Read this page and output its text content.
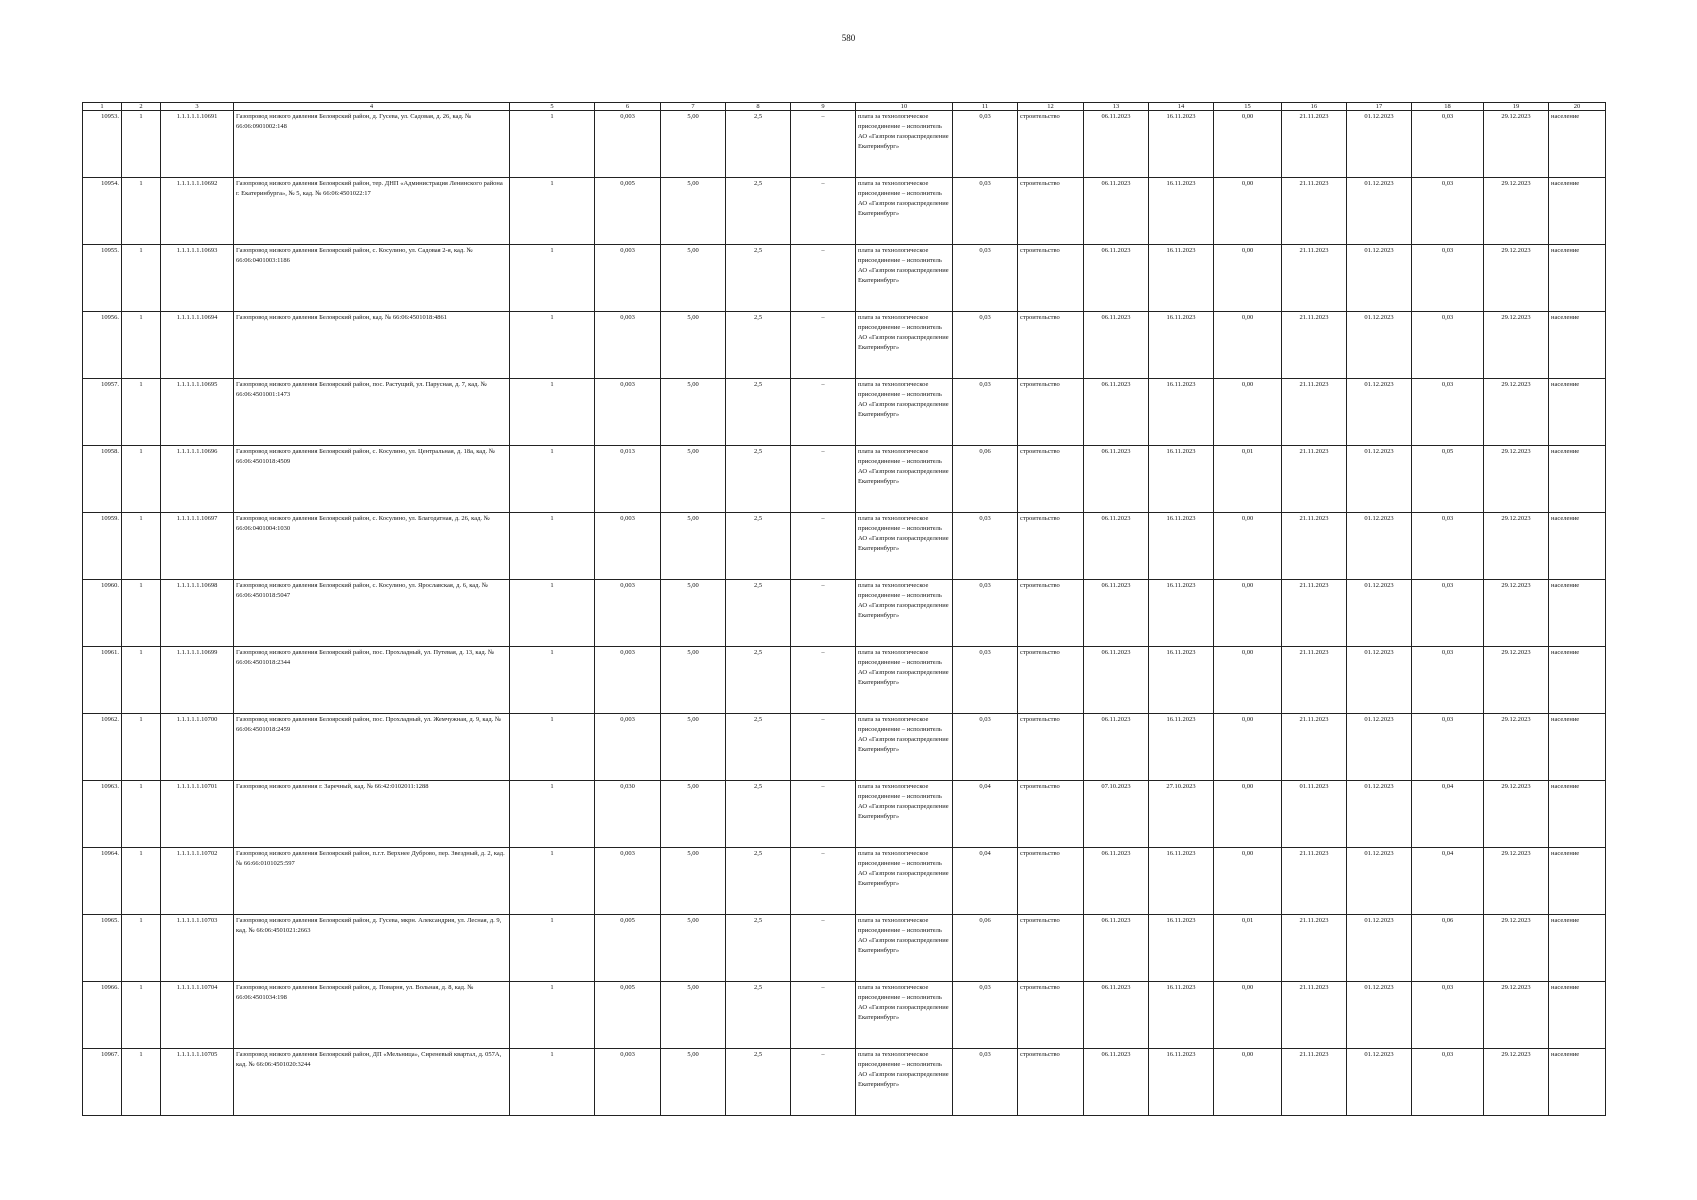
580
1	2	3	4	5	6	7	8	9	10	11	12	13	14	15	16	17	18	19	20
10953.	1	1.1.1.1.1.10691	Газопровод низкого давления Белоярский район, д. Гусева, ул. Садовая, д. 26, кад. № 66:06:0901002:148	1	0,003	5,00	2,5	–	плата за технологическое присоединение – исполнитель АО «Газпром газораспределение Екатеринбург»	0,03	строительство	06.11.2023	16.11.2023	0,00	21.11.2023	01.12.2023	0,03	29.12.2023	население
10954.	1	1.1.1.1.1.10692	Газопровод низкого давления Белоярский район, тер. ДНП «Администрация Ленинского района г. Екатеринбурга», № 5, кад. № 66:06:4501022:17	1	0,005	5,00	2,5	–	плата за технологическое присоединение – исполнитель АО «Газпром газораспределение Екатеринбург»	0,03	строительство	06.11.2023	16.11.2023	0,00	21.11.2023	01.12.2023	0,03	29.12.2023	население
10955.	1	1.1.1.1.1.10693	Газопровод низкого давления Белоярский район, с. Косулино, ул. Садовая 2-я, кад. № 66:06:0401003:1186	1	0,003	5,00	2,5	–	плата за технологическое присоединение – исполнитель АО «Газпром газораспределение Екатеринбург»	0,03	строительство	06.11.2023	16.11.2023	0,00	21.11.2023	01.12.2023	0,03	29.12.2023	население
10956.	1	1.1.1.1.1.10694	Газопровод низкого давления Белоярский район, кад. № 66:06:4501018:4861	1	0,003	5,00	2,5	–	плата за технологическое присоединение – исполнитель АО «Газпром газораспределение Екатеринбург»	0,03	строительство	06.11.2023	16.11.2023	0,00	21.11.2023	01.12.2023	0,03	29.12.2023	население
10957.	1	1.1.1.1.1.10695	Газопровод низкого давления Белоярский район, пос. Растущий, ул. Парусная, д. 7, кад. № 66:06:4501001:1473	1	0,003	5,00	2,5	–	плата за технологическое присоединение – исполнитель АО «Газпром газораспределение Екатеринбург»	0,03	строительство	06.11.2023	16.11.2023	0,00	21.11.2023	01.12.2023	0,03	29.12.2023	население
10958.	1	1.1.1.1.1.10696	Газопровод низкого давления Белоярский район, с. Косулино, ул. Центральная, д. 18а, кад. № 66:06:4501018:4509	1	0,013	5,00	2,5	–	плата за технологическое присоединение – исполнитель АО «Газпром газораспределение Екатеринбург»	0,06	строительство	06.11.2023	16.11.2023	0,01	21.11.2023	01.12.2023	0,05	29.12.2023	население
10959.	1	1.1.1.1.1.10697	Газопровод низкого давления Белоярский район, с. Косулино, ул. Благодатная, д. 26, кад. № 66:06:0401004:1030	1	0,003	5,00	2,5	–	плата за технологическое присоединение – исполнитель АО «Газпром газораспределение Екатеринбург»	0,03	строительство	06.11.2023	16.11.2023	0,00	21.11.2023	01.12.2023	0,03	29.12.2023	население
10960.	1	1.1.1.1.1.10698	Газопровод низкого давления Белоярский район, с. Косулино, ул. Ярославская, д. 6, кад. № 66:06:4501018:5047	1	0,003	5,00	2,5	–	плата за технологическое присоединение – исполнитель АО «Газпром газораспределение Екатеринбург»	0,03	строительство	06.11.2023	16.11.2023	0,00	21.11.2023	01.12.2023	0,03	29.12.2023	население
10961.	1	1.1.1.1.1.10699	Газопровод низкого давления Белоярский район, пос. Прохладный, ул. Путевая, д. 13, кад. № 66:06:4501018:2344	1	0,003	5,00	2,5	–	плата за технологическое присоединение – исполнитель АО «Газпром газораспределение Екатеринбург»	0,03	строительство	06.11.2023	16.11.2023	0,00	21.11.2023	01.12.2023	0,03	29.12.2023	население
10962.	1	1.1.1.1.1.10700	Газопровод низкого давления Белоярский район, пос. Прохладный, ул. Жемчужная, д. 9, кад. № 66:06:4501018:2459	1	0,003	5,00	2,5	–	плата за технологическое присоединение – исполнитель АО «Газпром газораспределение Екатеринбург»	0,03	строительство	06.11.2023	16.11.2023	0,00	21.11.2023	01.12.2023	0,03	29.12.2023	население
10963.	1	1.1.1.1.1.10701	Газопровод низкого давления г. Заречный, кад. № 66:42:0102011:1288	1	0,030	5,00	2,5	–	плата за технологическое присоединение – исполнитель АО «Газпром газораспределение Екатеринбург»	0,04	строительство	07.10.2023	27.10.2023	0,00	01.11.2023	01.12.2023	0,04	29.12.2023	население
10964.	1	1.1.1.1.1.10702	Газопровод низкого давления Белоярский район, п.г.т. Верхнее Дуброво, пер. Звездный, д. 2, кад. № 66:66:0101025:597	1	0,003	5,00	2,5	–	плата за технологическое присоединение – исполнитель АО «Газпром газораспределение Екатеринбург»	0,04	строительство	06.11.2023	16.11.2023	0,00	21.11.2023	01.12.2023	0,04	29.12.2023	население
10965.	1	1.1.1.1.1.10703	Газопровод низкого давления Белоярский район, д. Гусева, мкрн. Александрия, ул. Лесная, д. 9, кад. № 66:06:4501021:2663	1	0,005	5,00	2,5	–	плата за технологическое присоединение – исполнитель АО «Газпром газораспределение Екатеринбург»	0,06	строительство	06.11.2023	16.11.2023	0,01	21.11.2023	01.12.2023	0,06	29.12.2023	население
10966.	1	1.1.1.1.1.10704	Газопровод низкого давления Белоярский район, д. Поварня, ул. Вольная, д. 8, кад. № 66:06:4501034:198	1	0,005	5,00	2,5	–	плата за технологическое присоединение – исполнитель АО «Газпром газораспределение Екатеринбург»	0,03	строительство	06.11.2023	16.11.2023	0,00	21.11.2023	01.12.2023	0,03	29.12.2023	население
10967.	1	1.1.1.1.1.10705	Газопровод низкого давления Белоярский район, ДП «Мельница», Сиреневый квартал, д. 057А, кад. № 66:06:4501020:3244	1	0,003	5,00	2,5	–	плата за технологическое присоединение – исполнитель АО «Газпром газораспределение Екатеринбург»	0,03	строительство	06.11.2023	16.11.2023	0,00	21.11.2023	01.12.2023	0,03	29.12.2023	население
